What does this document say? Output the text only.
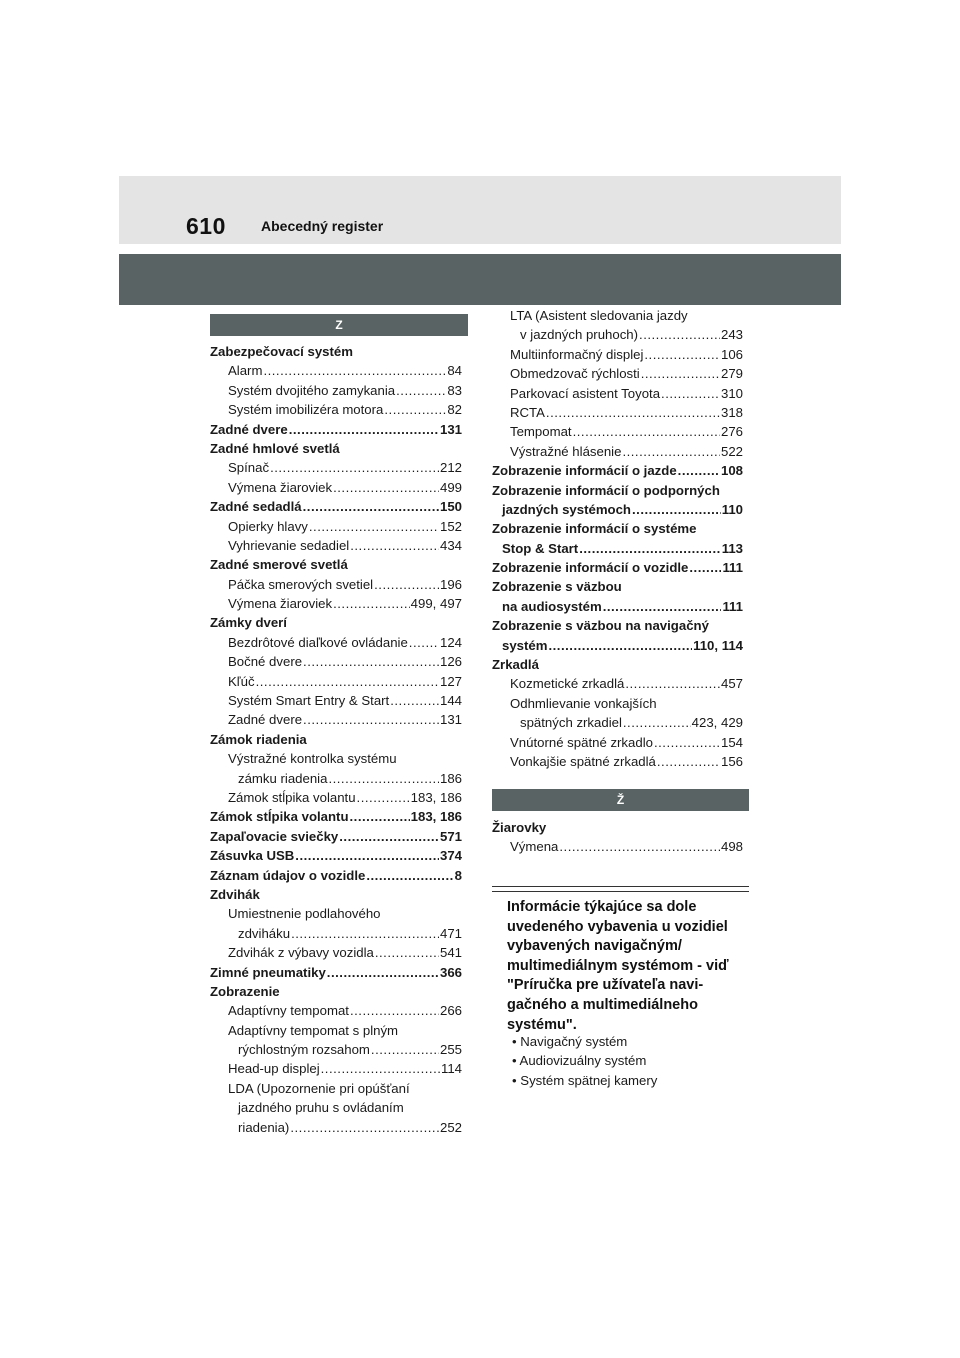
610	Abecedný register
Z
Zabezpečovací systém
Alarm .....	84
Systém dvojitého zamykania .....	83
Systém imobilizéra motora .....	82
Zadné dvere .....	131
Zadné hmlové svetlá
Spínač .....	212
Výmena žiaroviek .....	499
Zadné sedadlá .....	150
Opierky hlavy .....	152
Vyhrievanie sedadiel .....	434
Zadné smerové svetlá
Páčka smerových svetiel .....	196
Výmena žiaroviek .....	499, 497
Zámky dverí
Bezdrôtové diaľkové ovládanie ..... 124
Bočné dvere .....	126
Kľúč .....	127
Systém Smart Entry & Start .....	144
Zadné dvere .....	131
Zámok riadenia
Výstražné kontrolka systému
zámku riadenia .....	186
Zámok stĺpika volantu .....	183, 186
Zámok stĺpika volantu .....	183, 186
Zapaľovacie sviečky .....	571
Zásuvka USB .....	374
Záznam údajov o vozidle .....	8
Zdvihák
Umiestnenie podlahového
zdviháku .....	471
Zdvihák z výbavy vozidla .....	541
Zimné pneumatiky .....	366
Zobrazenie
Adaptívny tempomat .....	266
Adaptívny tempomat s plným
rýchlostným rozsahom .....	255
Head-up displej .....	114
LDA (Upozornenie pri opúšťaní
jazdného pruhu s ovládaním
riadenia) .....	252
LTA (Asistent sledovania jazdy
v jazdných pruhoch) .....	243
Multiinformačný displej .....	106
Obmedzovač rýchlosti .....	279
Parkovací asistent Toyota .....	310
RCTA .....	318
Tempomat .....	276
Výstražné hlásenie .....	522
Zobrazenie informácií o jazde .....	108
Zobrazenie informácií o podporných
jazdných systémoch .....	110
Zobrazenie informácií o systéme
Stop & Start .....	113
Zobrazenie informácií o vozidle .....	111
Zobrazenie s väzbou
na audiosystém .....	111
Zobrazenie s väzbou na navigačný
systém .....	110, 114
Zrkadlá
Kozmetické zrkadlá .....	457
Odhmlievanie vonkajších
spätných zrkadiel .....	423, 429
Vnútorné spätné zrkadlo .....	154
Vonkajšie spätné zrkadlá .....	156
Ž
Žiarovky
Výmena .....	498
Informácie týkajúce sa dole uvedeného vybavenia u vozidiel vybavených navigačným/ multimediálnym systémom - viď "Príručka pre užívateľa navi- gačného a multimediálneho systému".
• Navigačný systém
• Audiovizuálny systém
• Systém spätnej kamery
